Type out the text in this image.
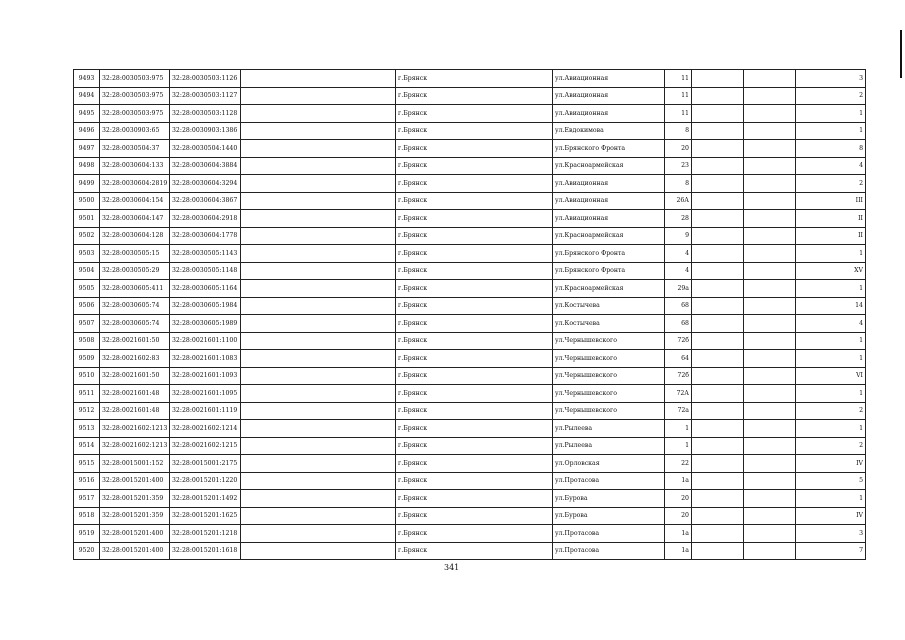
9493	32:28:0030503:975	32:28:0030503:1126		г.Брянск	ул.Авиационная	11			3
9494	32:28:0030503:975	32:28:0030503:1127		г.Брянск	ул.Авиационная	11			2
9495	32:28:0030503:975	32:28:0030503:1128		г.Брянск	ул.Авиационная	11			1
9496	32:28:0030903:65	32:28:0030903:1386		г.Брянск	ул.Евдокимова	8			1
9497	32:28:0030504:37	32:28:0030504:1440		г.Брянск	ул.Брянского Фронта	20			8
9498	32:28:0030604:133	32:28:0030604:3884		г.Брянск	ул.Красноармейская	23			4
9499	32:28:0030604:2819	32:28:0030604:3294		г.Брянск	ул.Авиационная	8			2
9500	32:28:0030604:154	32:28:0030604:3867		г.Брянск	ул.Авиационная	26А			III
9501	32:28:0030604:147	32:28:0030604:2918		г.Брянск	ул.Авиационная	28			II
9502	32:28:0030604:128	32:28:0030604:1778		г.Брянск	ул.Красноармейская	9			II
9503	32:28:0030505:15	32:28:0030505:1143		г.Брянск	ул.Брянского Фронта	4			1
9504	32:28:0030505:29	32:28:0030505:1148		г.Брянск	ул.Брянского Фронта	4			XV
9505	32:28:0030605:411	32:28:0030605:1164		г.Брянск	ул.Красноармейская	29а			1
9506	32:28:0030605:74	32:28:0030605:1984		г.Брянск	ул.Костычева	68			14
9507	32:28:0030605:74	32:28:0030605:1989		г.Брянск	ул.Костычева	68			4
9508	32:28:0021601:50	32:28:0021601:1100		г.Брянск	ул.Чернышевского	72б			1
9509	32:28:0021602:83	32:28:0021601:1083		г.Брянск	ул.Чернышевского	64			1
9510	32:28:0021601:50	32:28:0021601:1093		г.Брянск	ул.Чернышевского	72б			VI
9511	32:28:0021601:48	32:28:0021601:1095		г.Брянск	ул.Чернышевского	72А			1
9512	32:28:0021601:48	32:28:0021601:1119		г.Брянск	ул.Чернышевского	72а			2
9513	32:28:0021602:1213	32:28:0021602:1214		г.Брянск	ул.Рылеева	1			1
9514	32:28:0021602:1213	32:28:0021602:1215		г.Брянск	ул.Рылеева	1			2
9515	32:28:0015001:152	32:28:0015001:2175		г.Брянск	ул.Орловская	22			IV
9516	32:28:0015201:400	32:28:0015201:1220		г.Брянск	ул.Протасова	1а			5
9517	32:28:0015201:359	32:28:0015201:1492		г.Брянск	ул.Бурова	20			1
9518	32:28:0015201:359	32:28:0015201:1625		г.Брянск	ул.Бурова	20			IV
9519	32:28:0015201:400	32:28:0015201:1218		г.Брянск	ул.Протасова	1а			3
9520	32:28:0015201:400	32:28:0015201:1618		г.Брянск	ул.Протасова	1а			7
341
